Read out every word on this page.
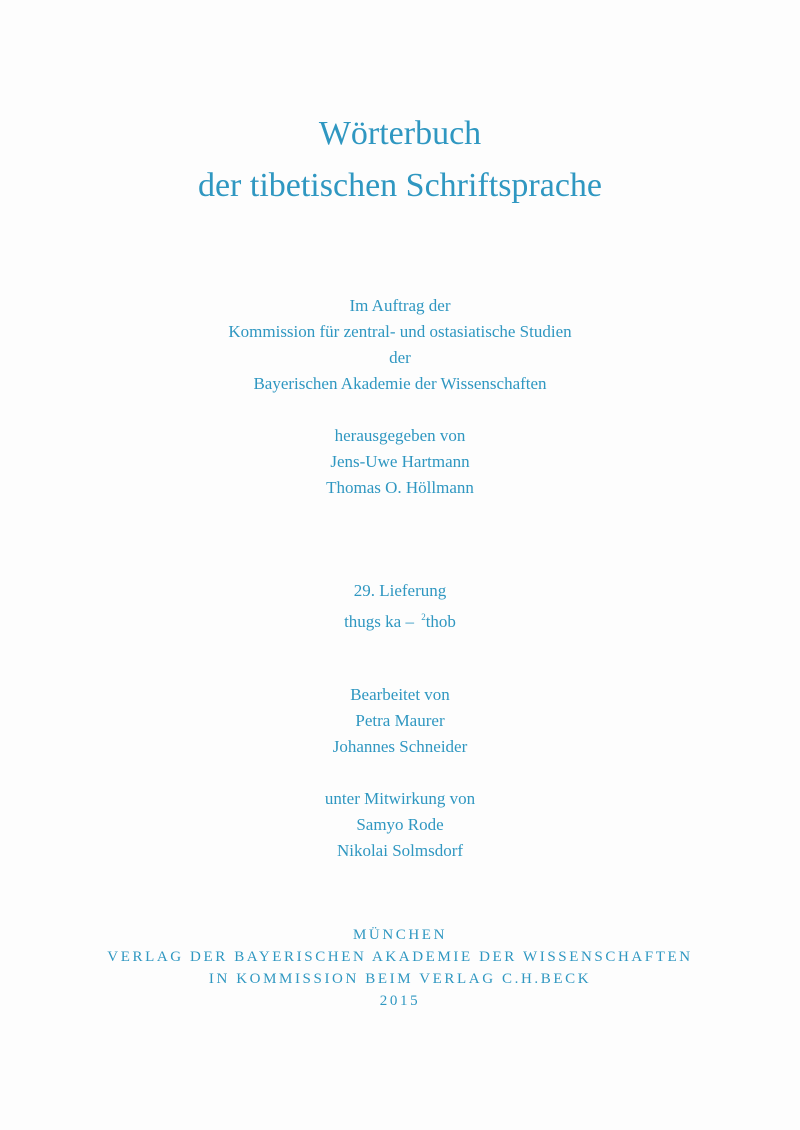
Wörterbuch
der tibetischen Schriftsprache
Im Auftrag der
Kommission für zentral- und ostasiatische Studien
der
Bayerischen Akademie der Wissenschaften
herausgegeben von
Jens-Uwe Hartmann
Thomas O. Höllmann
29. Lieferung
thugs ka – $^2$thob
Bearbeitet von
Petra Maurer
Johannes Schneider
unter Mitwirkung von
Samyo Rode
Nikolai Solmsdorf
MÜNCHEN
VERLAG DER BAYERISCHEN AKADEMIE DER WISSENSCHAFTEN
IN KOMMISSION BEIM VERLAG C.H.BECK
2015
